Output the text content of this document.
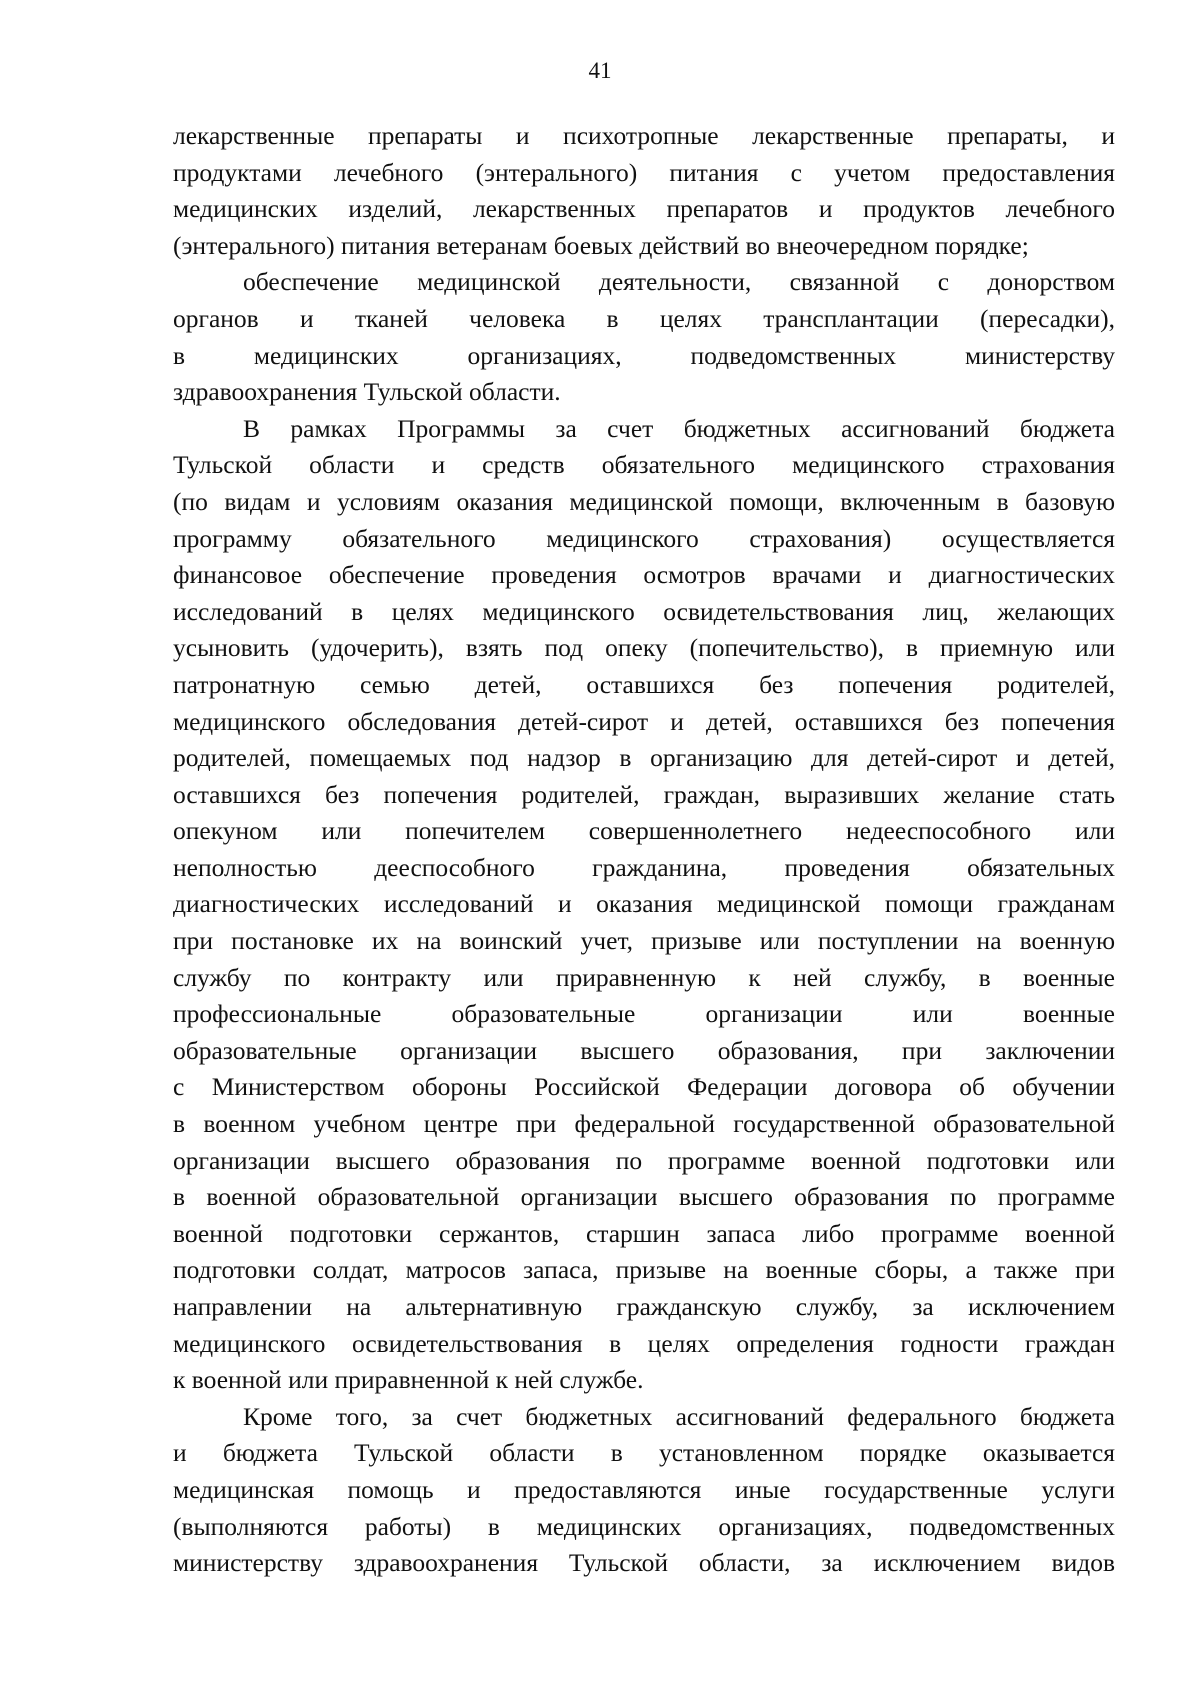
41

лекарственные препараты и психотропные лекарственные препараты, и
продуктами лечебного (энтерального) питания с учетом предоставления
медицинских изделий, лекарственных препаратов и продуктов лечебного
(энтерального) питания ветеранам боевых действий во внеочередном порядке;

обеспечение медицинской деятельности, связанной с донорством
органов и тканей человека в целях трансплантации (пересадки),
в медицинских организациях, подведомственных министерству
здравоохранения Тульской области.

В рамках Программы за счет бюджетных ассигнований бюджета
Тульской области и средств обязательного медицинского страхования
(по видам и условиям оказания медицинской помощи, включенным в базовую
программу обязательного медицинского страхования) осуществляется
финансовое обеспечение проведения осмотров врачами и диагностических
исследований в целях медицинского освидетельствования лиц, желающих
усыновить (удочерить), взять под опеку (попечительство), в приемную или
патронатную семью детей, оставшихся без попечения родителей,
медицинского обследования детей-сирот и детей, оставшихся без попечения
родителей, помещаемых под надзор в организацию для детей-сирот и детей,
оставшихся без попечения родителей, граждан, выразивших желание стать
опекуном или попечителем совершеннолетнего недееспособного или
неполностью дееспособного гражданина, проведения обязательных
диагностических исследований и оказания медицинской помощи гражданам
при постановке их на воинский учет, призыве или поступлении на военную
службу по контракту или приравненную к ней службу, в военные
профессиональные образовательные организации или военные
образовательные организации высшего образования, при заключении
с Министерством обороны Российской Федерации договора об обучении
в военном учебном центре при федеральной государственной образовательной
организации высшего образования по программе военной подготовки или
в военной образовательной организации высшего образования по программе
военной подготовки сержантов, старшин запаса либо программе военной
подготовки солдат, матросов запаса, призыве на военные сборы, а также при
направлении на альтернативную гражданскую службу, за исключением
медицинского освидетельствования в целях определения годности граждан
к военной или приравненной к ней службе.

Кроме того, за счет бюджетных ассигнований федерального бюджета
и бюджета Тульской области в установленном порядке оказывается
медицинская помощь и предоставляются иные государственные услуги
(выполняются работы) в медицинских организациях, подведомственных
министерству здравоохранения Тульской области, за исключением видов
